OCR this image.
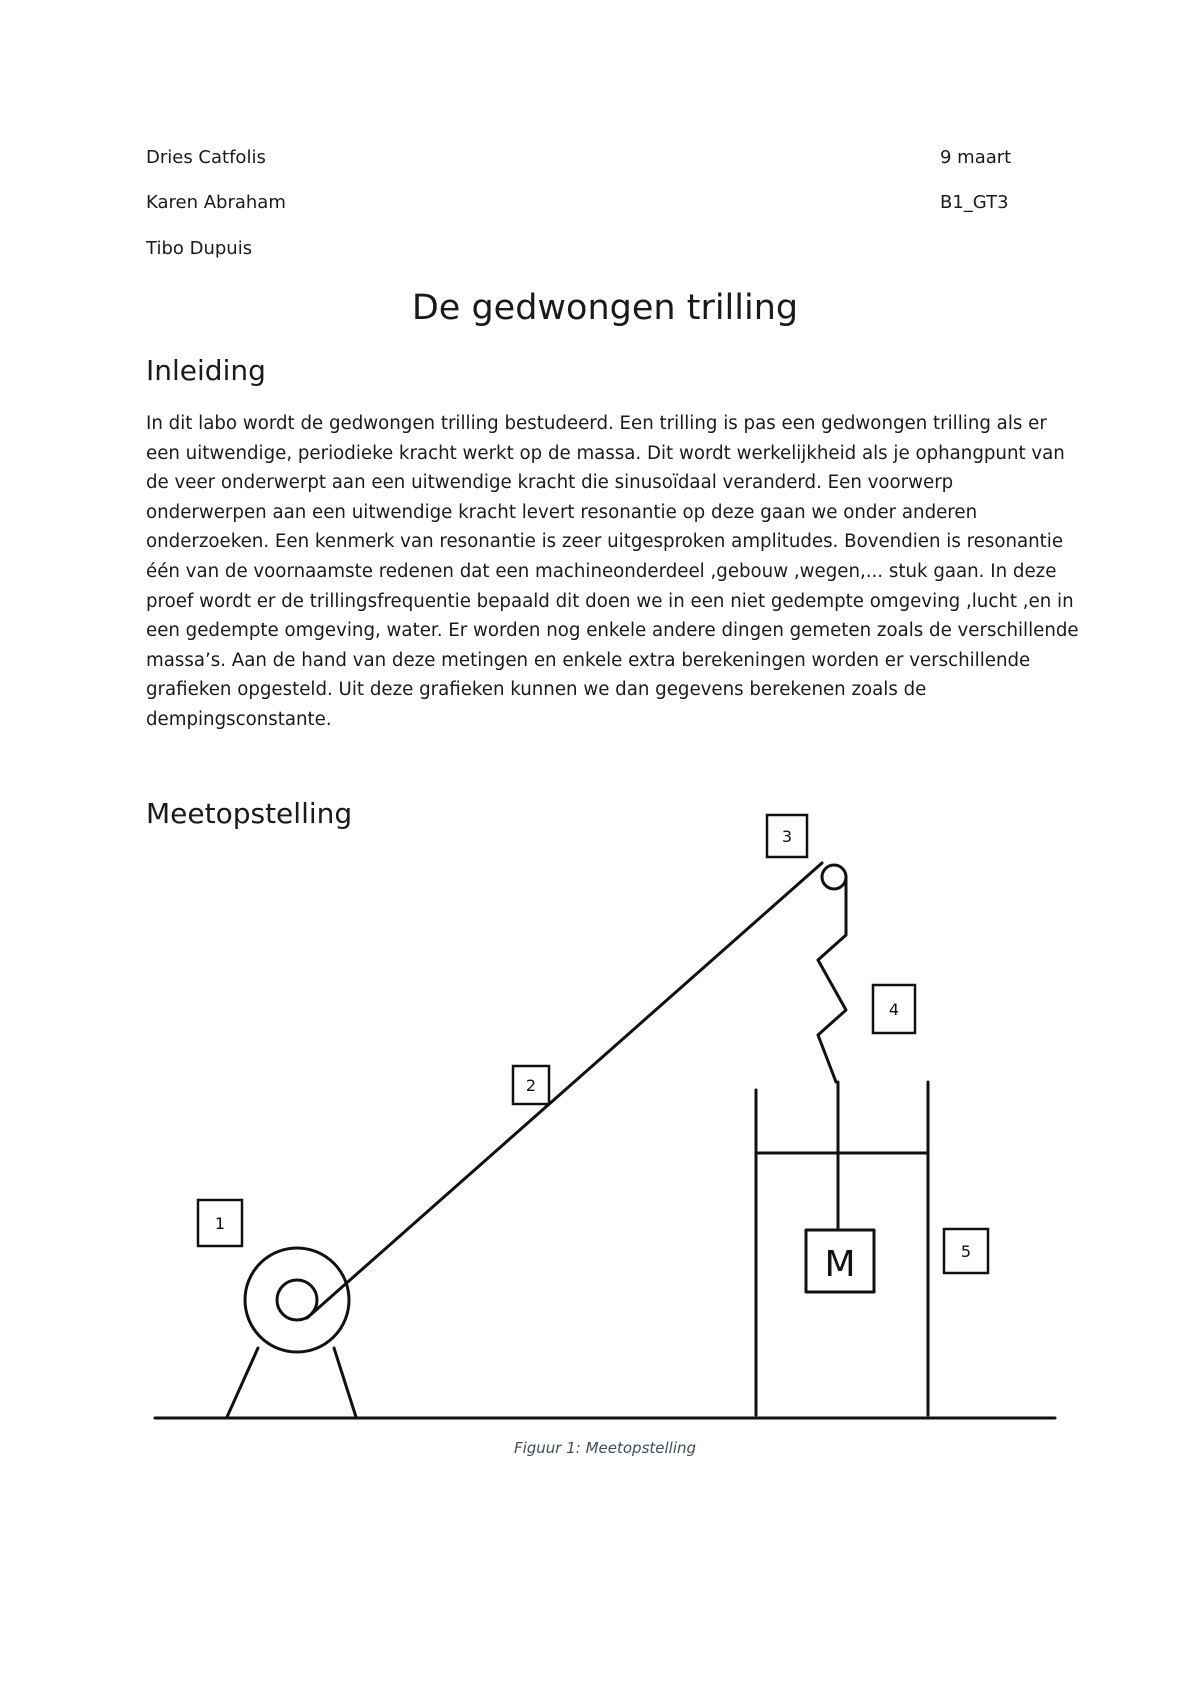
Dries Catfolis
Karen Abraham
Tibo Dupuis
9 maart
B1_GT3
De gedwongen trilling
Inleiding
In dit labo wordt de gedwongen trilling bestudeerd. Een trilling is pas een gedwongen trilling als er
een uitwendige, periodieke kracht werkt op de massa. Dit wordt werkelijkheid als je ophangpunt van
de veer onderwerpt aan een uitwendige kracht die sinusoïdaal veranderd. Een voorwerp
onderwerpen aan een uitwendige kracht levert resonantie op deze gaan we onder anderen
onderzoeken. Een kenmerk van resonantie is zeer uitgesproken amplitudes. Bovendien is resonantie
één van de voornaamste redenen dat een machineonderdeel ,gebouw ,wegen,... stuk gaan. In deze
proef wordt er de trillingsfrequentie bepaald dit doen we in een niet gedempte omgeving ,lucht ,en in
een gedempte omgeving, water. Er worden nog enkele andere dingen gemeten zoals de verschillende
massa’s. Aan de hand van deze metingen en enkele extra berekeningen worden er verschillende
grafieken opgesteld. Uit deze grafieken kunnen we dan gegevens berekenen zoals de
dempingsconstante.
Meetopstelling
M
1
2
3
4
5
Figuur 1: Meetopstelling
